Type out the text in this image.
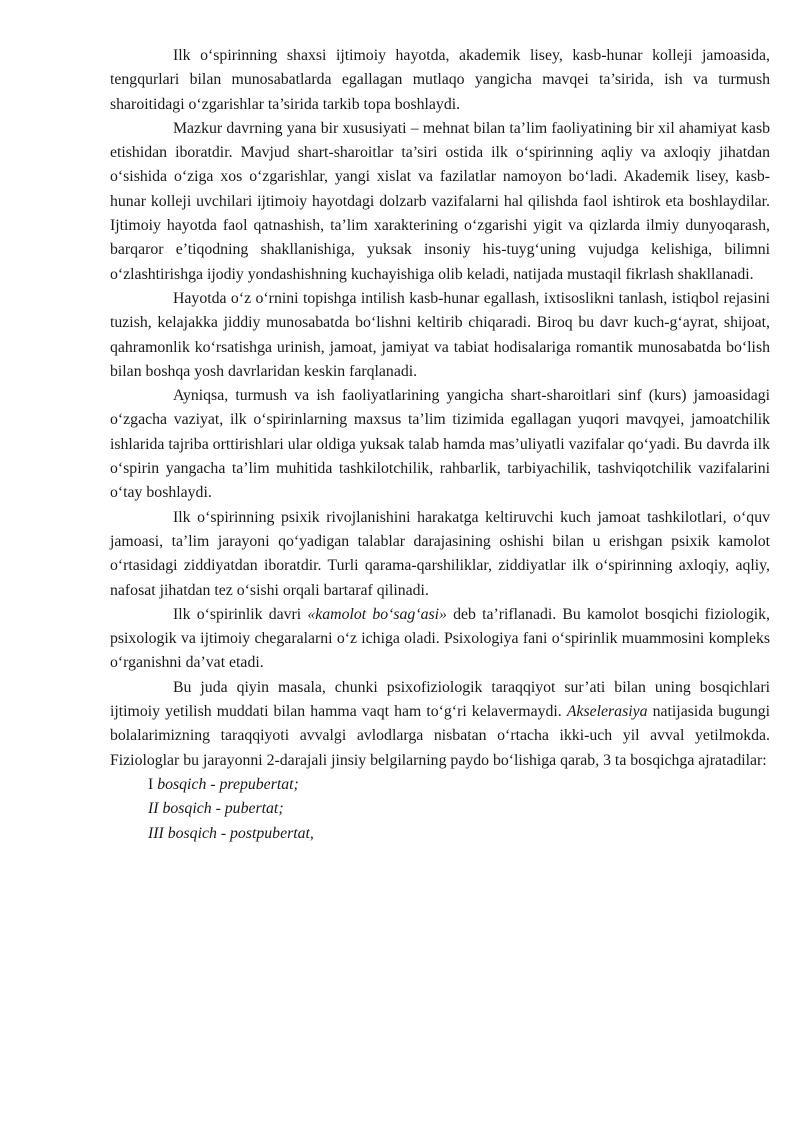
Ilk o‘spirinning shaxsi ijtimoiy hayotda, akademik lisey, kasb-hunar kolleji jamoasida, tengqurlari bilan munosabatlarda egallagan mutlaqo yangicha mavqei ta’sirida, ish va turmush sharoitidagi o‘zgarishlar ta’sirida tarkib topa boshlaydi.

Mazkur davrning yana bir xususiyati – mehnat bilan ta’lim faoliyatining bir xil ahamiyat kasb etishidan iboratdir. Mavjud shart-sharoitlar ta’siri ostida ilk o‘spirinning aqliy va axloqiy jihatdan o‘sishida o‘ziga xos o‘zgarishlar, yangi xislat va fazilatlar namoyon bo‘ladi. Akademik lisey, kasb-hunar kolleji uvchilari ijtimoiy hayotdagi dolzarb vazifalarni hal qilishda faol ishtirok eta boshlaydilar. Ijtimoiy hayotda faol qatnashish, ta’lim xarakterining o‘zgarishi yigit va qizlarda ilmiy dunyoqarash, barqaror e’tiqodning shakllanishiga, yuksak insoniy his-tuyg‘uning vujudga kelishiga, bilimni o‘zlashtirishga ijodiy yondashishning kuchayishiga olib keladi, natijada mustaqil fikrlash shakllanadi.

Hayotda o‘z o‘rnini topishga intilish kasb-hunar egallash, ixtisoslikni tanlash, istiqbol rejasini tuzish, kelajakka jiddiy munosabatda bo‘lishni keltirib chiqaradi. Biroq bu davr kuch-g‘ayrat, shijoat, qahramonlik ko‘rsatishga urinish, jamoat, jamiyat va tabiat hodisalariga romantik munosabatda bo‘lish bilan boshqa yosh davrlaridan keskin farqlanadi.

Ayniqsa, turmush va ish faoliyatlarining yangicha shart-sharoitlari sinf (kurs) jamoasidagi o‘zgacha vaziyat, ilk o‘spirinlarning maxsus ta’lim tizimida egallagan yuqori mavqyei, jamoatchilik ishlarida tajriba orttirishlari ular oldiga yuksak talab hamda mas’uliyatli vazifalar qo‘yadi. Bu davrda ilk o‘spirin yangacha ta’lim muhitida tashkilotchilik, rahbarlik, tarbiyachilik, tashviqotchilik vazifalarini o‘tay boshlaydi.

Ilk o‘spirinning psixik rivojlanishini harakatga keltiruvchi kuch jamoat tashkilotlari, o‘quv jamoasi, ta’lim jarayoni qo‘yadigan talablar darajasining oshishi bilan u erishgan psixik kamolot o‘rtasidagi ziddiyatdan iboratdir. Turli qarama-qarshiliklar, ziddiyatlar ilk o‘spirinning axloqiy, aqliy, nafosat jihatdan tez o‘sishi orqali bartaraf qilinadi.

Ilk o‘spirinlik davri «kamolot bo‘sag‘asi» deb ta’riflanadi. Bu kamolot bosqichi fiziologik, psixologik va ijtimoiy chegaralarni o‘z ichiga oladi. Psixologiya fani o‘spirinlik muammosini kompleks o‘rganishni da’vat etadi.

Bu juda qiyin masala, chunki psixofiziologik taraqqiyot sur’ati bilan uning bosqichlari ijtimoiy yetilish muddati bilan hamma vaqt ham to‘g‘ri kelavermaydi. Akselerasiya natijasida bugungi bolalarimizning taraqqiyoti avvalgi avlodlarga nisbatan o‘rtacha ikki-uch yil avval yetilmokda. Fiziologlar bu jarayonni 2-darajali jinsiy belgilarning paydo bo‘lishiga qarab, 3 ta bosqichga ajratadilar:

I bosqich - prepubertat;
II bosqich - pubertat;
III bosqich - postpubertat,
